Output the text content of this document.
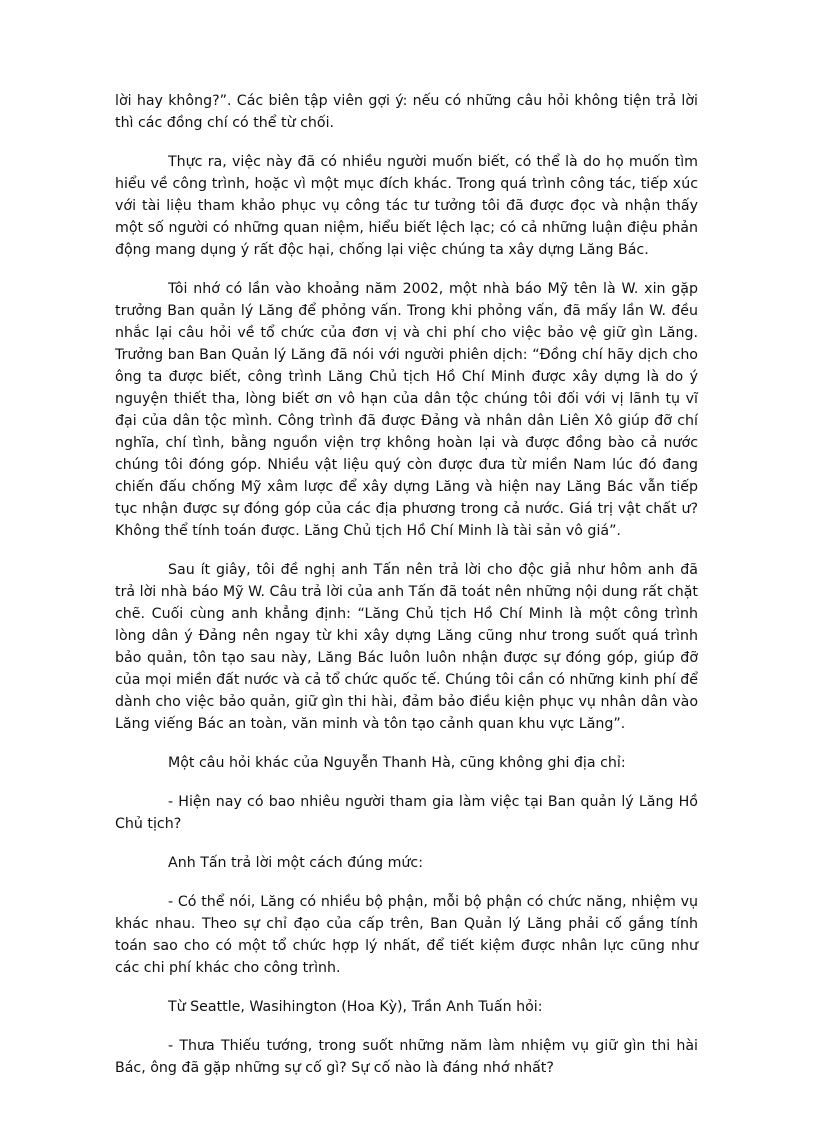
lời hay không?”. Các biên tập viên gợi ý: nếu có những câu hỏi không tiện trả lời thì các đồng chí có thể từ chối.

Thực ra, việc này đã có nhiều người muốn biết, có thể là do họ muốn tìm hiểu về công trình, hoặc vì một mục đích khác. Trong quá trình công tác, tiếp xúc với tài liệu tham khảo phục vụ công tác tư tưởng tôi đã được đọc và nhận thấy một số người có những quan niệm, hiểu biết lệch lạc; có cả những luận điệu phản động mang dụng ý rất độc hại, chống lại việc chúng ta xây dựng Lăng Bác.

Tôi nhớ có lần vào khoảng năm 2002, một nhà báo Mỹ tên là W. xin gặp trưởng Ban quản lý Lăng để phỏng vấn. Trong khi phỏng vấn, đã mấy lần W. đều nhắc lại câu hỏi về tổ chức của đơn vị và chi phí cho việc bảo vệ giữ gìn Lăng. Trưởng ban Ban Quản lý Lăng đã nói với người phiên dịch: “Đồng chí hãy dịch cho ông ta được biết, công trình Lăng Chủ tịch Hồ Chí Minh được xây dựng là do ý nguyện thiết tha, lòng biết ơn vô hạn của dân tộc chúng tôi đối với vị lãnh tụ vĩ đại của dân tộc mình. Công trình đã được Đảng và nhân dân Liên Xô giúp đỡ chí nghĩa, chí tình, bằng nguồn viện trợ không hoàn lại và được đồng bào cả nước chúng tôi đóng góp. Nhiều vật liệu quý còn được đưa từ miền Nam lúc đó đang chiến đấu chống Mỹ xâm lược để xây dựng Lăng và hiện nay Lăng Bác vẫn tiếp tục nhận được sự đóng góp của các địa phương trong cả nước. Giá trị vật chất ư? Không thể tính toán được. Lăng Chủ tịch Hồ Chí Minh là tài sản vô giá”.

Sau ít giây, tôi đề nghị anh Tấn nên trả lời cho độc giả như hôm anh đã trả lời nhà báo Mỹ W. Câu trả lời của anh Tấn đã toát nên những nội dung rất chặt chẽ. Cuối cùng anh khẳng định: “Lăng Chủ tịch Hồ Chí Minh là một công trình lòng dân ý Đảng nên ngay từ khi xây dựng Lăng cũng như trong suốt quá trình bảo quản, tôn tạo sau này, Lăng Bác luôn luôn nhận được sự đóng góp, giúp đỡ của mọi miền đất nước và cả tổ chức quốc tế. Chúng tôi cần có những kinh phí để dành cho việc bảo quản, giữ gìn thi hài, đảm bảo điều kiện phục vụ nhân dân vào Lăng viếng Bác an toàn, văn minh và tôn tạo cảnh quan khu vực Lăng”.

Một câu hỏi khác của Nguyễn Thanh Hà, cũng không ghi địa chỉ:

- Hiện nay có bao nhiêu người tham gia làm việc tại Ban quản lý Lăng Hồ Chủ tịch?

Anh Tấn trả lời một cách đúng mức:

- Có thể nói, Lăng có nhiều bộ phận, mỗi bộ phận có chức năng, nhiệm vụ khác nhau. Theo sự chỉ đạo của cấp trên, Ban Quản lý Lăng phải cố gắng tính toán sao cho có một tổ chức hợp lý nhất, để tiết kiệm được nhân lực cũng như các chi phí khác cho công trình.

Từ Seattle, Wasihington (Hoa Kỳ), Trần Anh Tuấn hỏi:

- Thưa Thiếu tướng, trong suốt những năm làm nhiệm vụ giữ gìn thi hài Bác, ông đã gặp những sự cố gì? Sự cố nào là đáng nhớ nhất?
